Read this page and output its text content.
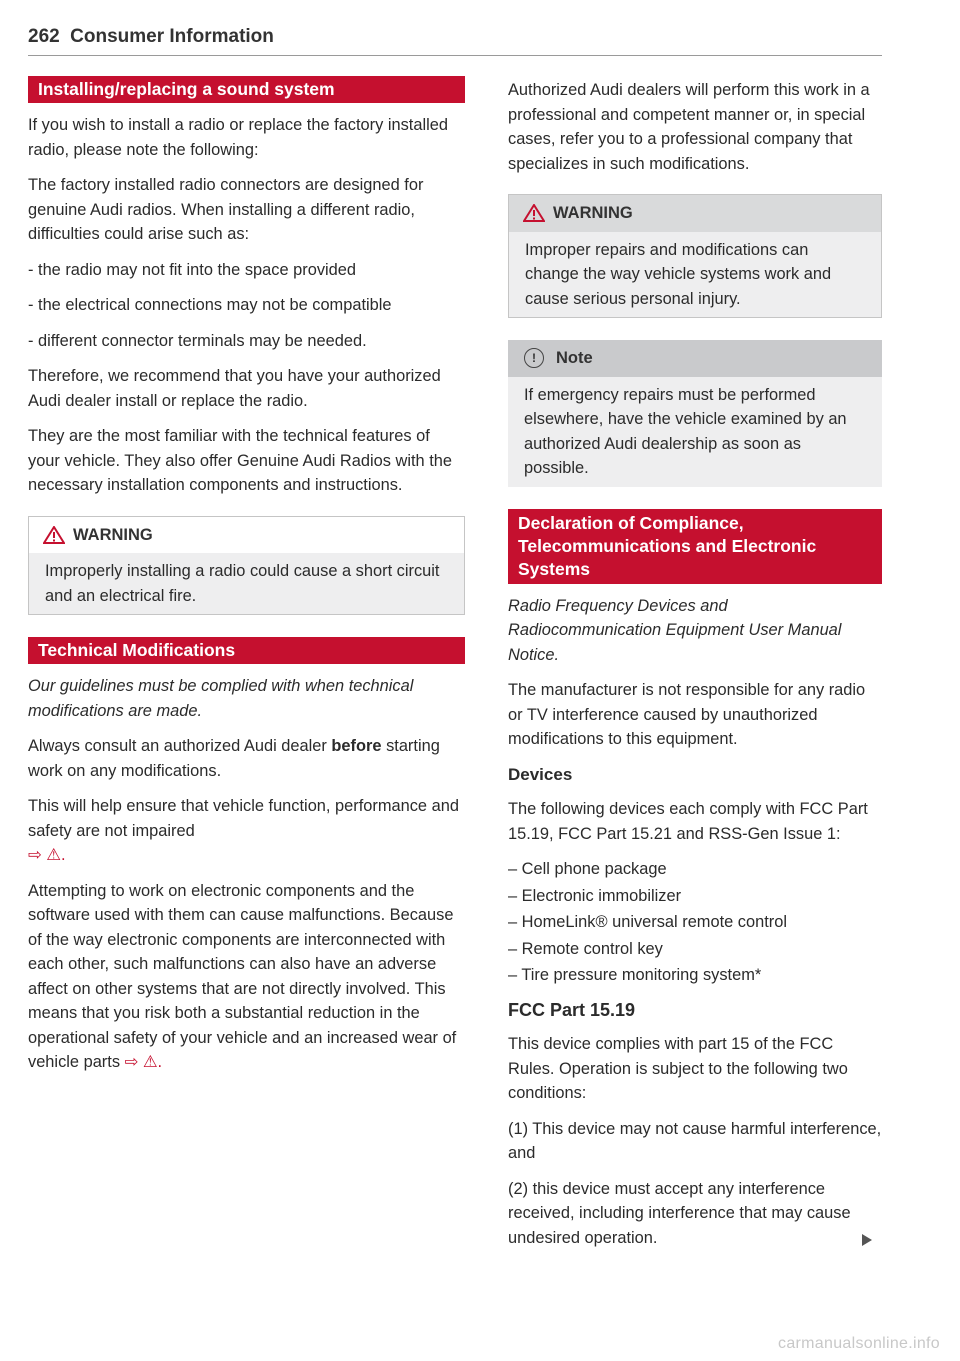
262 Consumer Information
Installing/replacing a sound system

If you wish to install a radio or replace the factory installed radio, please note the following:

The factory installed radio connectors are designed for genuine Audi radios. When installing a different radio, difficulties could arise such as:

- the radio may not fit into the space provided

- the electrical connections may not be compatible

- different connector terminals may be needed.

Therefore, we recommend that you have your authorized Audi dealer install or replace the radio.

They are the most familiar with the technical features of your vehicle. They also offer Genuine Audi Radios with the necessary installation components and instructions.

WARNING
Improperly installing a radio could cause a short circuit and an electrical fire.
Technical Modifications

Our guidelines must be complied with when technical modifications are made.

Always consult an authorized Audi dealer before starting work on any modifications.

This will help ensure that vehicle function, performance and safety are not impaired
⇨ ⚠.

Attempting to work on electronic components and the software used with them can cause malfunctions. Because of the way electronic components are interconnected with each other, such malfunctions can also have an adverse affect on other systems that are not directly involved. This means that you risk both a substantial reduction in the operational safety of your vehicle and an increased wear of vehicle parts ⇨ ⚠.

Authorized Audi dealers will perform this work in a professional and competent manner or, in special cases, refer you to a professional company that specializes in such modifications.

WARNING
Improper repairs and modifications can change the way vehicle systems work and cause serious personal injury.
!	Note
If emergency repairs must be performed elsewhere, have the vehicle examined by an authorized Audi dealership as soon as possible.
Declaration of Compliance, Telecommunications and Electronic Systems

Radio Frequency Devices and Radiocommunication Equipment User Manual Notice.

The manufacturer is not responsible for any radio or TV interference caused by unauthorized modifications to this equipment.

Devices

The following devices each comply with FCC Part 15.19, FCC Part 15.21 and RSS-Gen Issue 1:

– Cell phone package
– Electronic immobilizer
– HomeLink® universal remote control
– Remote control key
– Tire pressure monitoring system*
FCC Part 15.19

This device complies with part 15 of the FCC Rules. Operation is subject to the following two conditions:

(1) This device may not cause harmful interference, and

(2) this device must accept any interference received, including interference that may cause undesired operation.

carmanualsonline.info
